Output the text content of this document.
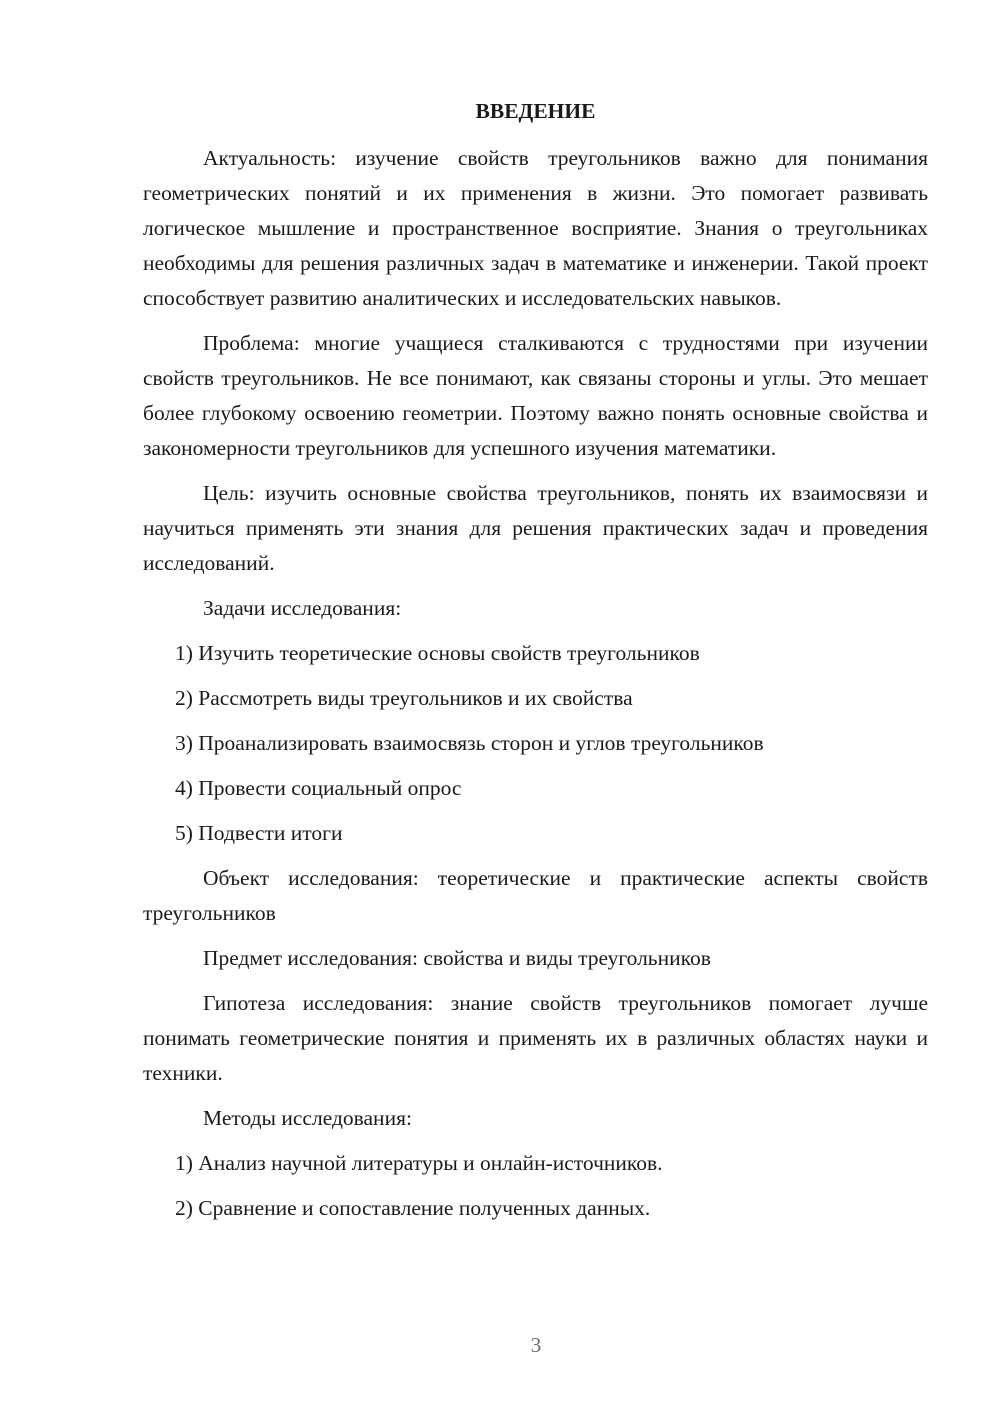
ВВЕДЕНИЕ

Актуальность: изучение свойств треугольников важно для понимания геометрических понятий и их применения в жизни. Это помогает развивать логическое мышление и пространственное восприятие. Знания о треугольниках необходимы для решения различных задач в математике и инженерии. Такой проект способствует развитию аналитических и исследовательских навыков.

Проблема: многие учащиеся сталкиваются с трудностями при изучении свойств треугольников. Не все понимают, как связаны стороны и углы. Это мешает более глубокому освоению геометрии. Поэтому важно понять основные свойства и закономерности треугольников для успешного изучения математики.

Цель: изучить основные свойства треугольников, понять их взаимосвязи и научиться применять эти знания для решения практических задач и проведения исследований.

Задачи исследования:

1) Изучить теоретические основы свойств треугольников
2) Рассмотреть виды треугольников и их свойства
3) Проанализировать взаимосвязь сторон и углов треугольников
4) Провести социальный опрос
5) Подвести итоги

Объект исследования: теоретические и практические аспекты свойств треугольников

Предмет исследования: свойства и виды треугольников

Гипотеза исследования: знание свойств треугольников помогает лучше понимать геометрические понятия и применять их в различных областях науки и техники.

Методы исследования:

1) Анализ научной литературы и онлайн-источников.
2) Сравнение и сопоставление полученных данных.
3
